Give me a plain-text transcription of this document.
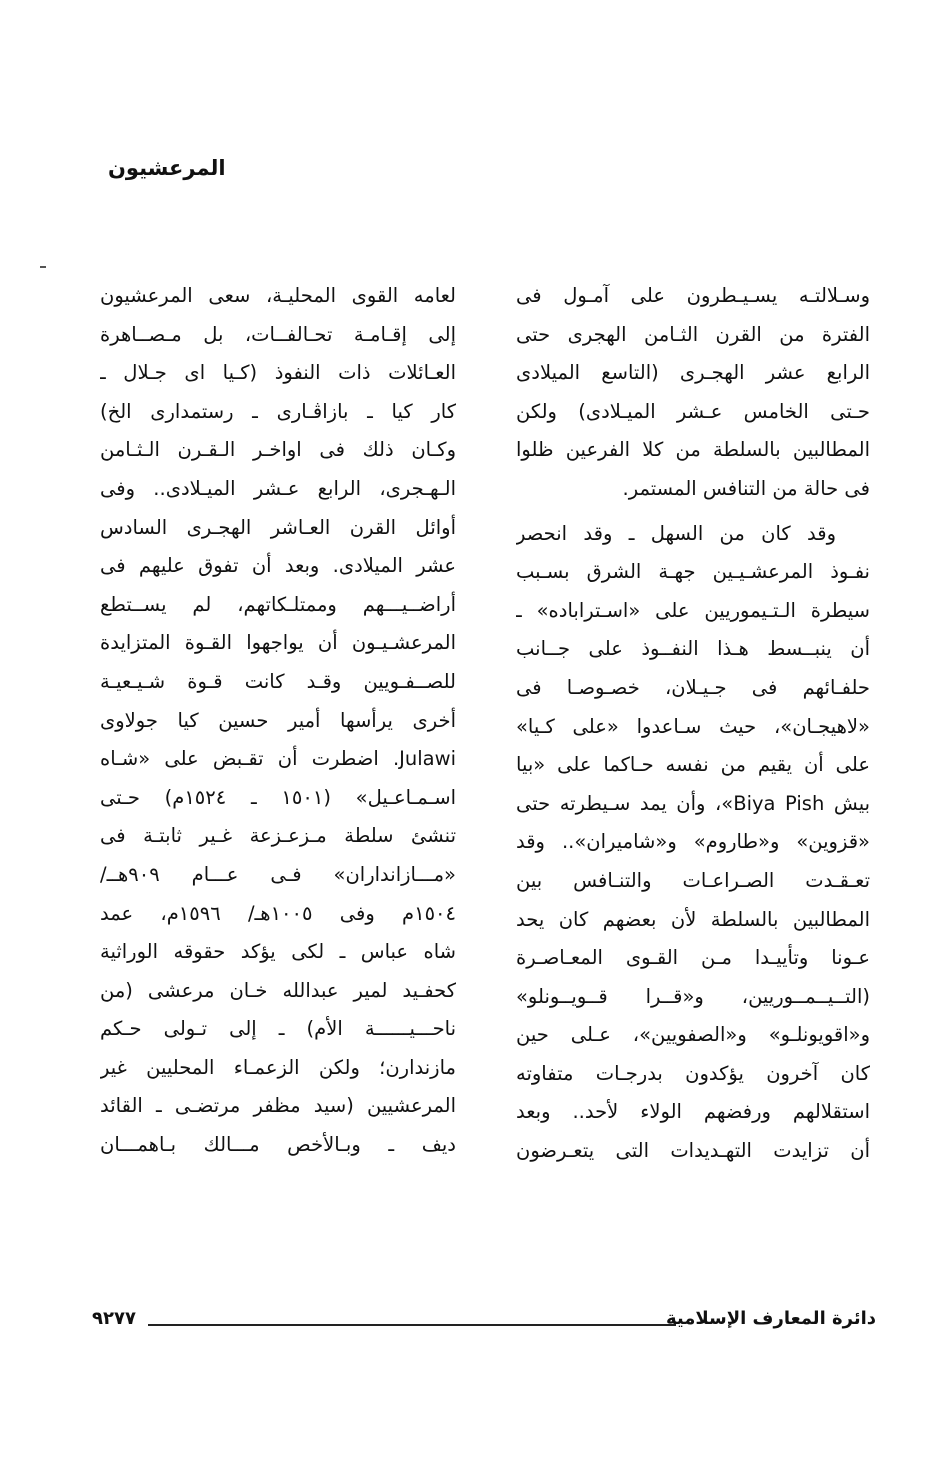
المرعشيون
وسـلالتـه يسـيـطرون على آمـول فى
الفترة من القرن الثـامن الهجرى حتى
الرابع عشر الهجـرى (التاسع الميلادى
حـتى الخامس عـشر الميـلادى) ولكن
المطالبين بالسلطة من كلا الفرعين ظلوا
فى حالة من التنافس المستمر.
وقد كان من السهل ـ وقد انحصر
نفـوذ المرعشـيـين جهـة الشرق بسـبب
سيطرة الـتـيموريين على «اسـترابادە» ـ
أن ينبــسط هـذا النفــوذ على جــانب
حلفـائهم فى جـيـلان، خصـوصـا فى
«لاهيجـان»، حيث سـاعدوا «على كـيا»
على أن يقيم من نفسه حـاكما على «بيا
بيش Biya Pish»، وأن يمد سـيطرته حتى
«قزوين» و«طاروم» و«شاميران».. وقد
تعـقـدت الصـراعـات والتنـافس بين
المطالبين بالسلطة لأن بعضهم كان يحد
عـونا وتأييـدا مـن القـوى المعـاصـرة
(التــيــمــوريين، و«قــرا قــويــونلو»
و«اقويونلـو» و«الصفويين»، عـلى حين
كان آخرون يؤكدون بدرجـات متفاوته
استقلالهم ورفضهم الولاء لأحد.. وبعد
أن تزايدت التهـديدات التى يتعـرضون
لعامه القوى المحليـة، سعى المرعشيون
إلى إقـامـة تحـالفــات، بل مـصــاهرة
العـائلات ذات النفوذ (كـيا اى جـلال ـ
كار كيا ـ بازاڤـارى ـ رستمدارى الخ)
وكـان ذلك فى اواخـر الـقـرن الـثـامن
الـهـجرى، الرابع عـشر الميـلادى.. وفى
أوائل القرن العـاشر الهجـرى السادس
عشر الميلادى. وبعد أن تفوق عليهم فى
أراضــيـــهم وممتلـكاتهم، لم يســتطع
المرعشـيـون أن يواجهوا القـوة المتزايدة
للصــفـويين وقـد كانت قـوة شـيـعيـة
أخرى يرأسها أمير حسين كيا جولاوى
Julawi. اضطرت أن تقـبض على «شـاه
اسـمـاعـيل» (١٥٠١ ـ ١٥٢٤م) حـتى
تنشئ سلطة مـزعـزعة غـير ثابتـة فى
«مـــازانداران» فـى عـــام ٩٠٩هــ/
١٥٠٤م وفى ١٠٠٥هـ/ ١٥٩٦م، عمد
شاه عباس ـ لكى يؤكد حقوقه الوراثية
كحفـيد لمير عبدالله خـان مرعشى (من
ناحـــيــــــة الأم) ـ إلى تـولى حـكم
مازندارن؛ ولكن الزعمـاء المحليين غير
المرعشيين (سيد مظفر مرتضـى ـ القائد
ديف ـ وبـالأخص مـــالك بـاهمـــان
دائرة المعارف الإسلامية
٩٢٧٧
